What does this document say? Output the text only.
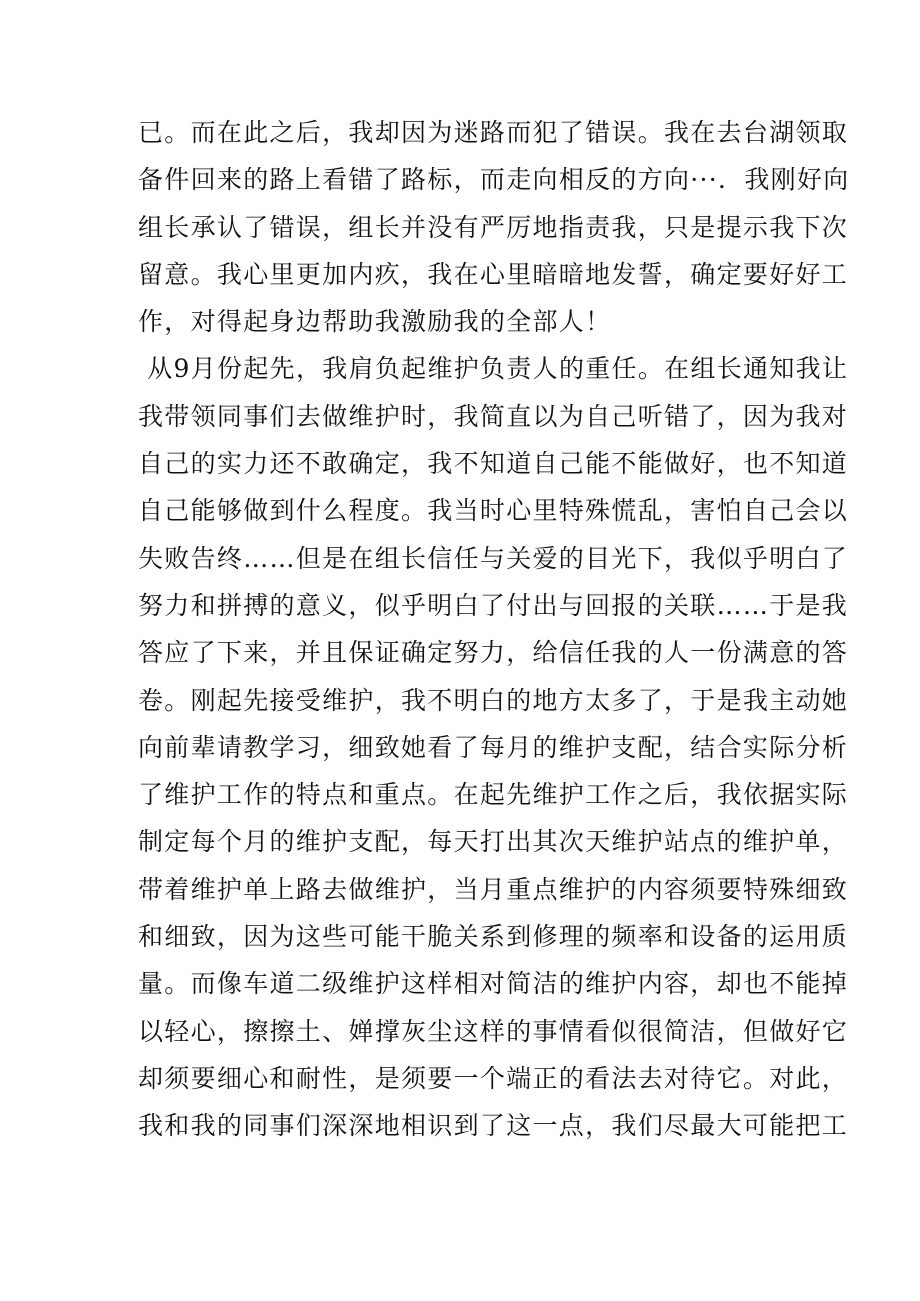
已。而在此之后，我却因为迷路而犯了错误。我在去台湖领取
备件回来的路上看错了路标，而走向相反的方向···．我刚好向
组长承认了错误，组长并没有严厉地指责我，只是提示我下次
留意。我心里更加内疚，我在心里暗暗地发誓，确定要好好工
作，对得起身边帮助我激励我的全部人！
从9月份起先，我肩负起维护负责人的重任。在组长通知我让
我带领同事们去做维护时，我简直以为自己听错了，因为我对
自己的实力还不敢确定，我不知道自己能不能做好，也不知道
自己能够做到什么程度。我当时心里特殊慌乱，害怕自己会以
失败告终……但是在组长信任与关爱的目光下，我似乎明白了
努力和拼搏的意义，似乎明白了付出与回报的关联……于是我
答应了下来，并且保证确定努力，给信任我的人一份满意的答
卷。刚起先接受维护，我不明白的地方太多了，于是我主动她
向前辈请教学习，细致她看了每月的维护支配，结合实际分析
了维护工作的特点和重点。在起先维护工作之后，我依据实际
制定每个月的维护支配，每天打出其次天维护站点的维护单，
带着维护单上路去做维护，当月重点维护的内容须要特殊细致
和细致，因为这些可能干脆关系到修理的频率和设备的运用质
量。而像车道二级维护这样相对简洁的维护内容，却也不能掉
以轻心，擦擦土、婵撑灰尘这样的事情看似很简洁，但做好它
却须要细心和耐性，是须要一个端正的看法去对待它。对此，
我和我的同事们深深地相识到了这一点，我们尽最大可能把工
